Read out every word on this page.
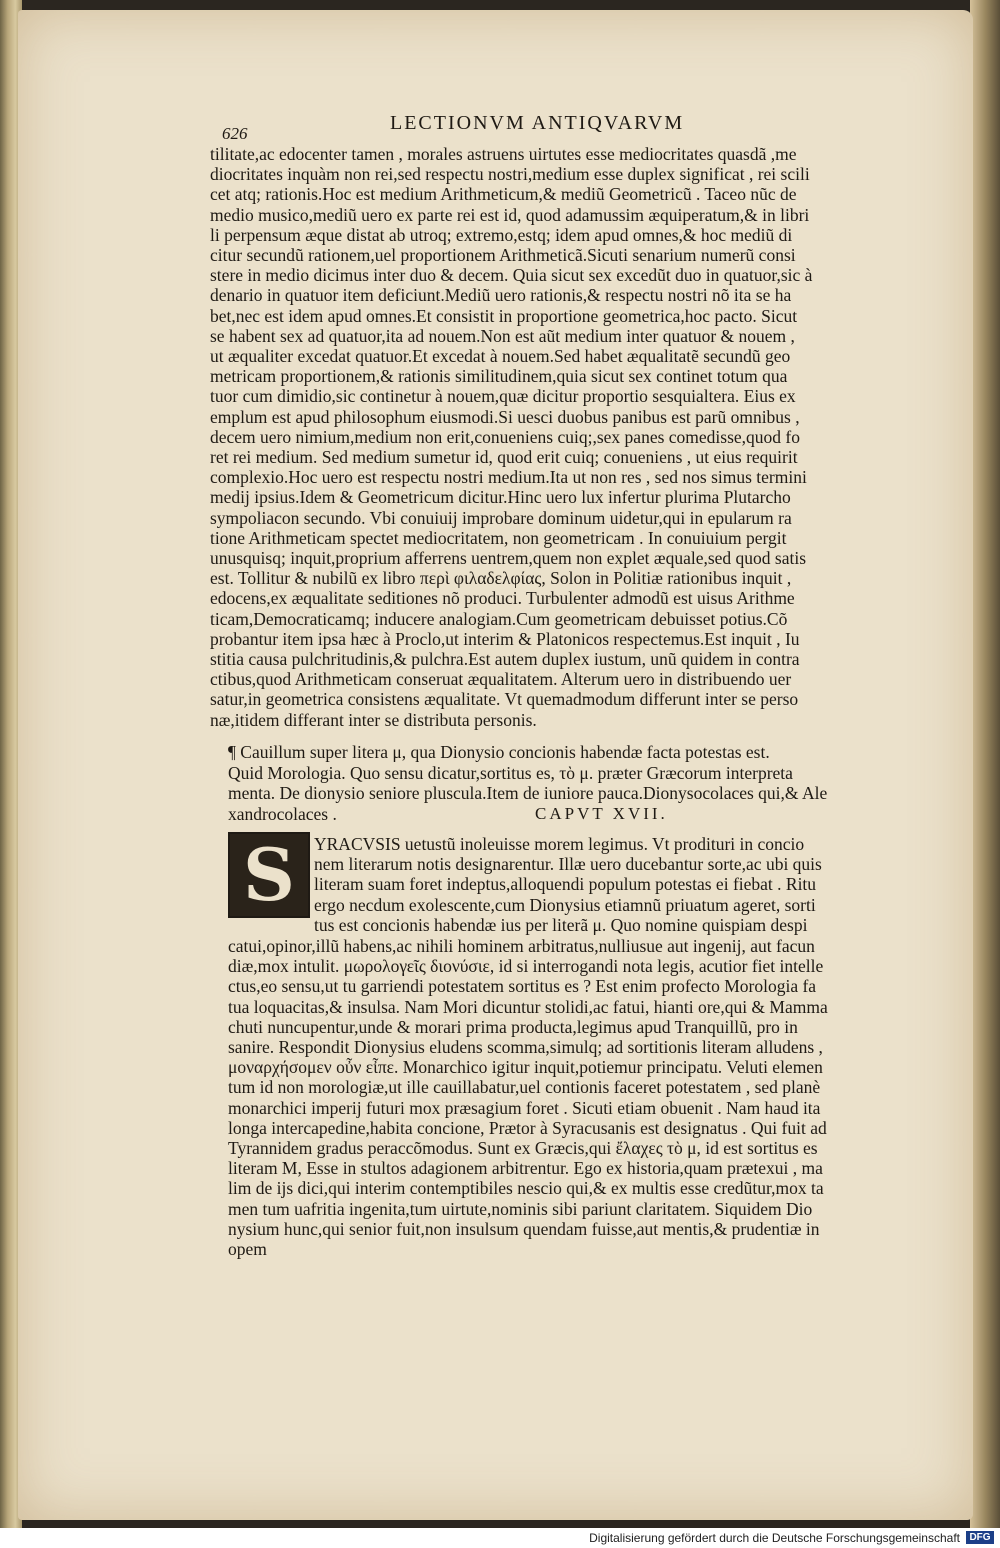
626	LECTIONVM ANTIQVARVM
tilitate,ac edocenter tamen , morales astruens uirtutes esse mediocritates quasdã ,me
diocritates inquàm non rei,sed respectu nostri,medium esse duplex significat , rei scili
cet atq; rationis.Hoc est medium Arithmeticum,& mediũ Geometricũ . Taceo nũc de
medio musico,mediũ uero ex parte rei est id, quod adamussim æquiperatum,& in libri
li perpensum æque distat ab utroq; extremo,estq; idem apud omnes,& hoc mediũ di
citur secundũ rationem,uel proportionem Arithmeticã.Sicuti senarium numerũ consi
stere in medio dicimus inter duo & decem. Quia sicut sex excedũt duo in quatuor,sic à
denario in quatuor item deficiunt.Mediũ uero rationis,& respectu nostri nõ ita se ha
bet,nec est idem apud omnes.Et consistit in proportione geometrica,hoc pacto. Sicut
se habent sex ad quatuor,ita ad nouem.Non est aũt medium inter quatuor & nouem ,
ut æqualiter excedat quatuor.Et excedat à nouem.Sed habet æqualitatẽ secundũ geo
metricam proportionem,& rationis similitudinem,quia sicut sex continet totum qua
tuor cum dimidio,sic continetur à nouem,quæ dicitur proportio sesquialtera. Eius ex
emplum est apud philosophum eiusmodi.Si uesci duobus panibus est parũ omnibus ,
decem uero nimium,medium non erit,conueniens cuiq;,sex panes comedisse,quod fo
ret rei medium. Sed medium sumetur id, quod erit cuiq; conueniens , ut eius requirit
complexio.Hoc uero est respectu nostri medium.Ita ut non res , sed nos simus termini
medij ipsius.Idem & Geometricum dicitur.Hinc uero lux infertur plurima Plutarcho
sympoliacon secundo. Vbi conuiuij improbare dominum uidetur,qui in epularum ra
tione Arithmeticam spectet mediocritatem, non geometricam . In conuiuium pergit
unusquisq; inquit,proprium afferrens uentrem,quem non explet æquale,sed quod satis
est. Tollitur & nubilũ ex libro περὶ φιλαδελφίας, Solon in Politiæ rationibus inquit ,
edocens,ex æqualitate seditiones nõ produci. Turbulenter admodũ est uisus Arithme
ticam,Democraticamq; inducere analogiam.Cum geometricam debuisset potius.Cõ
probantur item ipsa hæc à Proclo,ut interim & Platonicos respectemus.Est inquit , Iu
stitia causa pulchritudinis,& pulchra.Est autem duplex iustum, unũ quidem in contra
ctibus,quod Arithmeticam conseruat æqualitatem. Alterum uero in distribuendo uer
satur,in geometrica consistens æqualitate. Vt quemadmodum differunt inter se perso
næ,itidem differant inter se distributa personis.
¶ Cauillum super litera μ, qua Dionysio concionis habendæ facta potestas est.
Quid Morologia. Quo sensu dicatur,sortitus es, τὸ μ. præter Græcorum interpreta
menta. De dionysio seniore pluscula.Item de iuniore pauca.Dionysocolaces qui,& Ale
xandrocolaces .	CAPVT XVII.
S YRACVSIS uetustũ inoleuisse morem legimus. Vt prodituri in concio
nem literarum notis designarentur. Illæ uero ducebantur sorte,ac ubi quis
literam suam foret indeptus,alloquendi populum potestas ei fiebat . Ritu
ergo necdum exolescente,cum Dionysius etiamnũ priuatum ageret, sorti
tus est concionis habendæ ius per literã μ. Quo nomine quispiam despi
catui,opinor,illũ habens,ac nihili hominem arbitratus,nulliusue aut ingenij, aut facun
diæ,mox intulit. μωρολογεῖς διονύσιε, id si interrogandi nota legis, acutior fiet intelle
ctus,eo sensu,ut tu garriendi potestatem sortitus es ? Est enim profecto Morologia fa
tua loquacitas,& insulsa. Nam Mori dicuntur stolidi,ac fatui, hianti ore,qui & Mamma
chuti nuncupentur,unde & morari prima producta,legimus apud Tranquillũ, pro in
sanire. Respondit Dionysius eludens scomma,simulq; ad sortitionis literam alludens ,
μοναρχήσομεν οὖν εἶπε. Monarchico igitur inquit,potiemur principatu. Veluti elemen
tum id non morologiæ,ut ille cauillabatur,uel contionis faceret potestatem , sed planè
monarchici imperij futuri mox præsagium foret . Sicuti etiam obuenit . Nam haud ita
longa intercapedine,habita concione, Prætor à Syracusanis est designatus . Qui fuit ad
Tyrannidem gradus peraccõmodus. Sunt ex Græcis,qui ἔλαχες τὸ μ, id est sortitus es
literam M, Esse in stultos adagionem arbitrentur. Ego ex historia,quam prætexui , ma
lim de ijs dici,qui interim contemptibiles nescio qui,& ex multis esse credũtur,mox ta
men tum uafritia ingenita,tum uirtute,nominis sibi pariunt claritatem. Siquidem Dio
nysium hunc,qui senior fuit,non insulsum quendam fuisse,aut mentis,& prudentiæ in
opem
Digitalisierung gefördert durch die Deutsche Forschungsgemeinschaft DFG
